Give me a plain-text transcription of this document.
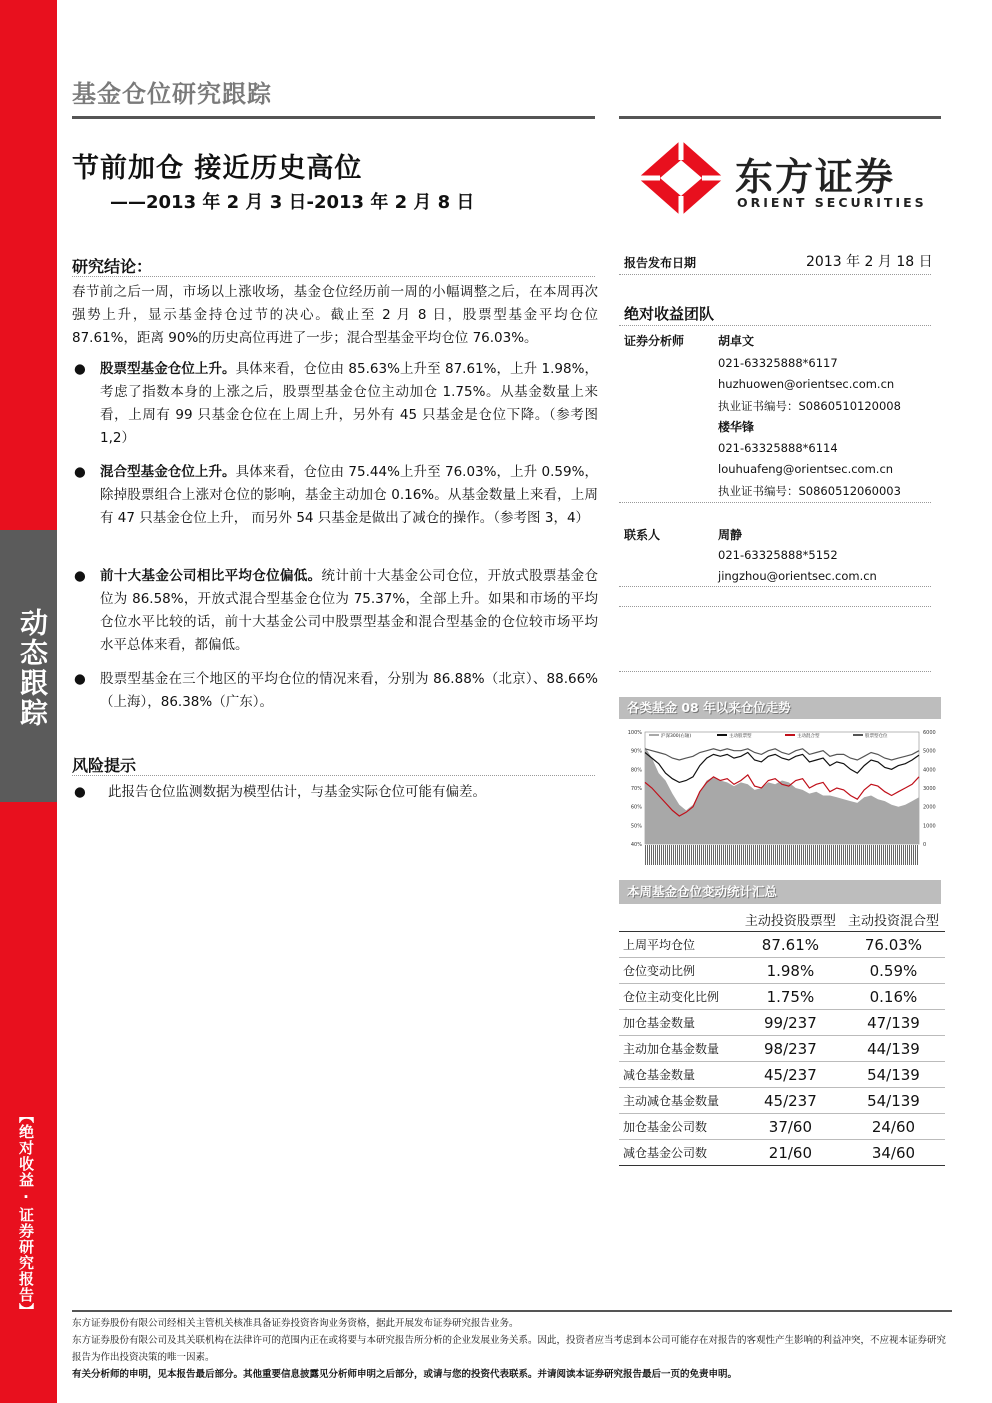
动态跟踪
【绝对收益·证券研究报告】
基金仓位研究跟踪
节前加仓 接近历史高位
——2013 年 2 月 3 日-2013 年 2 月 8 日
东方证券
ORIENT SECURITIES
研究结论：
春节前之后一周，市场以上涨收场，基金仓位经历前一周的小幅调整之后，在本周再次强势上升，显示基金持仓过节的决心。截止至 2 月 8 日，股票型基金平均仓位 87.61%，距离 90%的历史高位再进了一步；混合型基金平均仓位 76.03%。
● 股票型基金仓位上升。具体来看，仓位由 85.63%上升至 87.61%，上升 1.98%，考虑了指数本身的上涨之后，股票型基金仓位主动加仓 1.75%。从基金数量上来看，上周有 99 只基金仓位在上周上升，另外有 45 只基金是仓位下降。（参考图 1,2）
● 混合型基金仓位上升。具体来看，仓位由 75.44%上升至 76.03%，上升 0.59%，除掉股票组合上涨对仓位的影响，基金主动加仓 0.16%。从基金数量上来看，上周有 47 只基金仓位上升， 而另外 54 只基金是做出了减仓的操作。（参考图 3，4）
● 前十大基金公司相比平均仓位偏低。统计前十大基金公司仓位，开放式股票基金仓位为 86.58%，开放式混合型基金仓位为 75.37%，全部上升。如果和市场的平均仓位水平比较的话，前十大基金公司中股票型基金和混合型基金的仓位较市场平均水平总体来看，都偏低。
● 股票型基金在三个地区的平均仓位的情况来看，分别为 86.88%（北京）、88.66%（上海），86.38%（广东）。
风险提示
● 此报告仓位监测数据为模型估计，与基金实际仓位可能有偏差。
报告发布日期	2013 年 2 月 18 日
绝对收益团队
证券分析师	胡卓文
021-63325888*6117
huzhuowen@orientsec.com.cn
执业证书编号：S0860510120008
楼华锋
021-63325888*6114
louhuafeng@orientsec.com.cn
执业证书编号：S0860512060003
联系人	周静
021-63325888*5152
jingzhou@orientsec.com.cn
各类基金 08 年以来仓位走势
100%
90%
80%
70%
60%
50%
40%
6000
5000
4000
3000
2000
1000
0
沪深300(右轴)	主动股票型	主动混合型	股票型仓位
本周基金仓位变动统计汇总
	主动投资股票型	主动投资混合型
上周平均仓位	87.61%	76.03%
仓位变动比例	1.98%	0.59%
仓位主动变化比例	1.75%	0.16%
加仓基金数量	99/237	47/139
主动加仓基金数量	98/237	44/139
减仓基金数量	45/237	54/139
主动减仓基金数量	45/237	54/139
加仓基金公司数	37/60	24/60
减仓基金公司数	21/60	34/60
东方证券股份有限公司经相关主管机关核准具备证券投资咨询业务资格，据此开展发布证券研究报告业务。
东方证券股份有限公司及其关联机构在法律许可的范围内正在或将要与本研究报告所分析的企业发展业务关系。因此，投资者应当考虑到本公司可能存在对报告的客观性产生影响的利益冲突，不应视本证券研究报告为作出投资决策的唯一因素。
有关分析师的申明，见本报告最后部分。其他重要信息披露见分析师申明之后部分，或请与您的投资代表联系。并请阅读本证券研究报告最后一页的免责申明。
